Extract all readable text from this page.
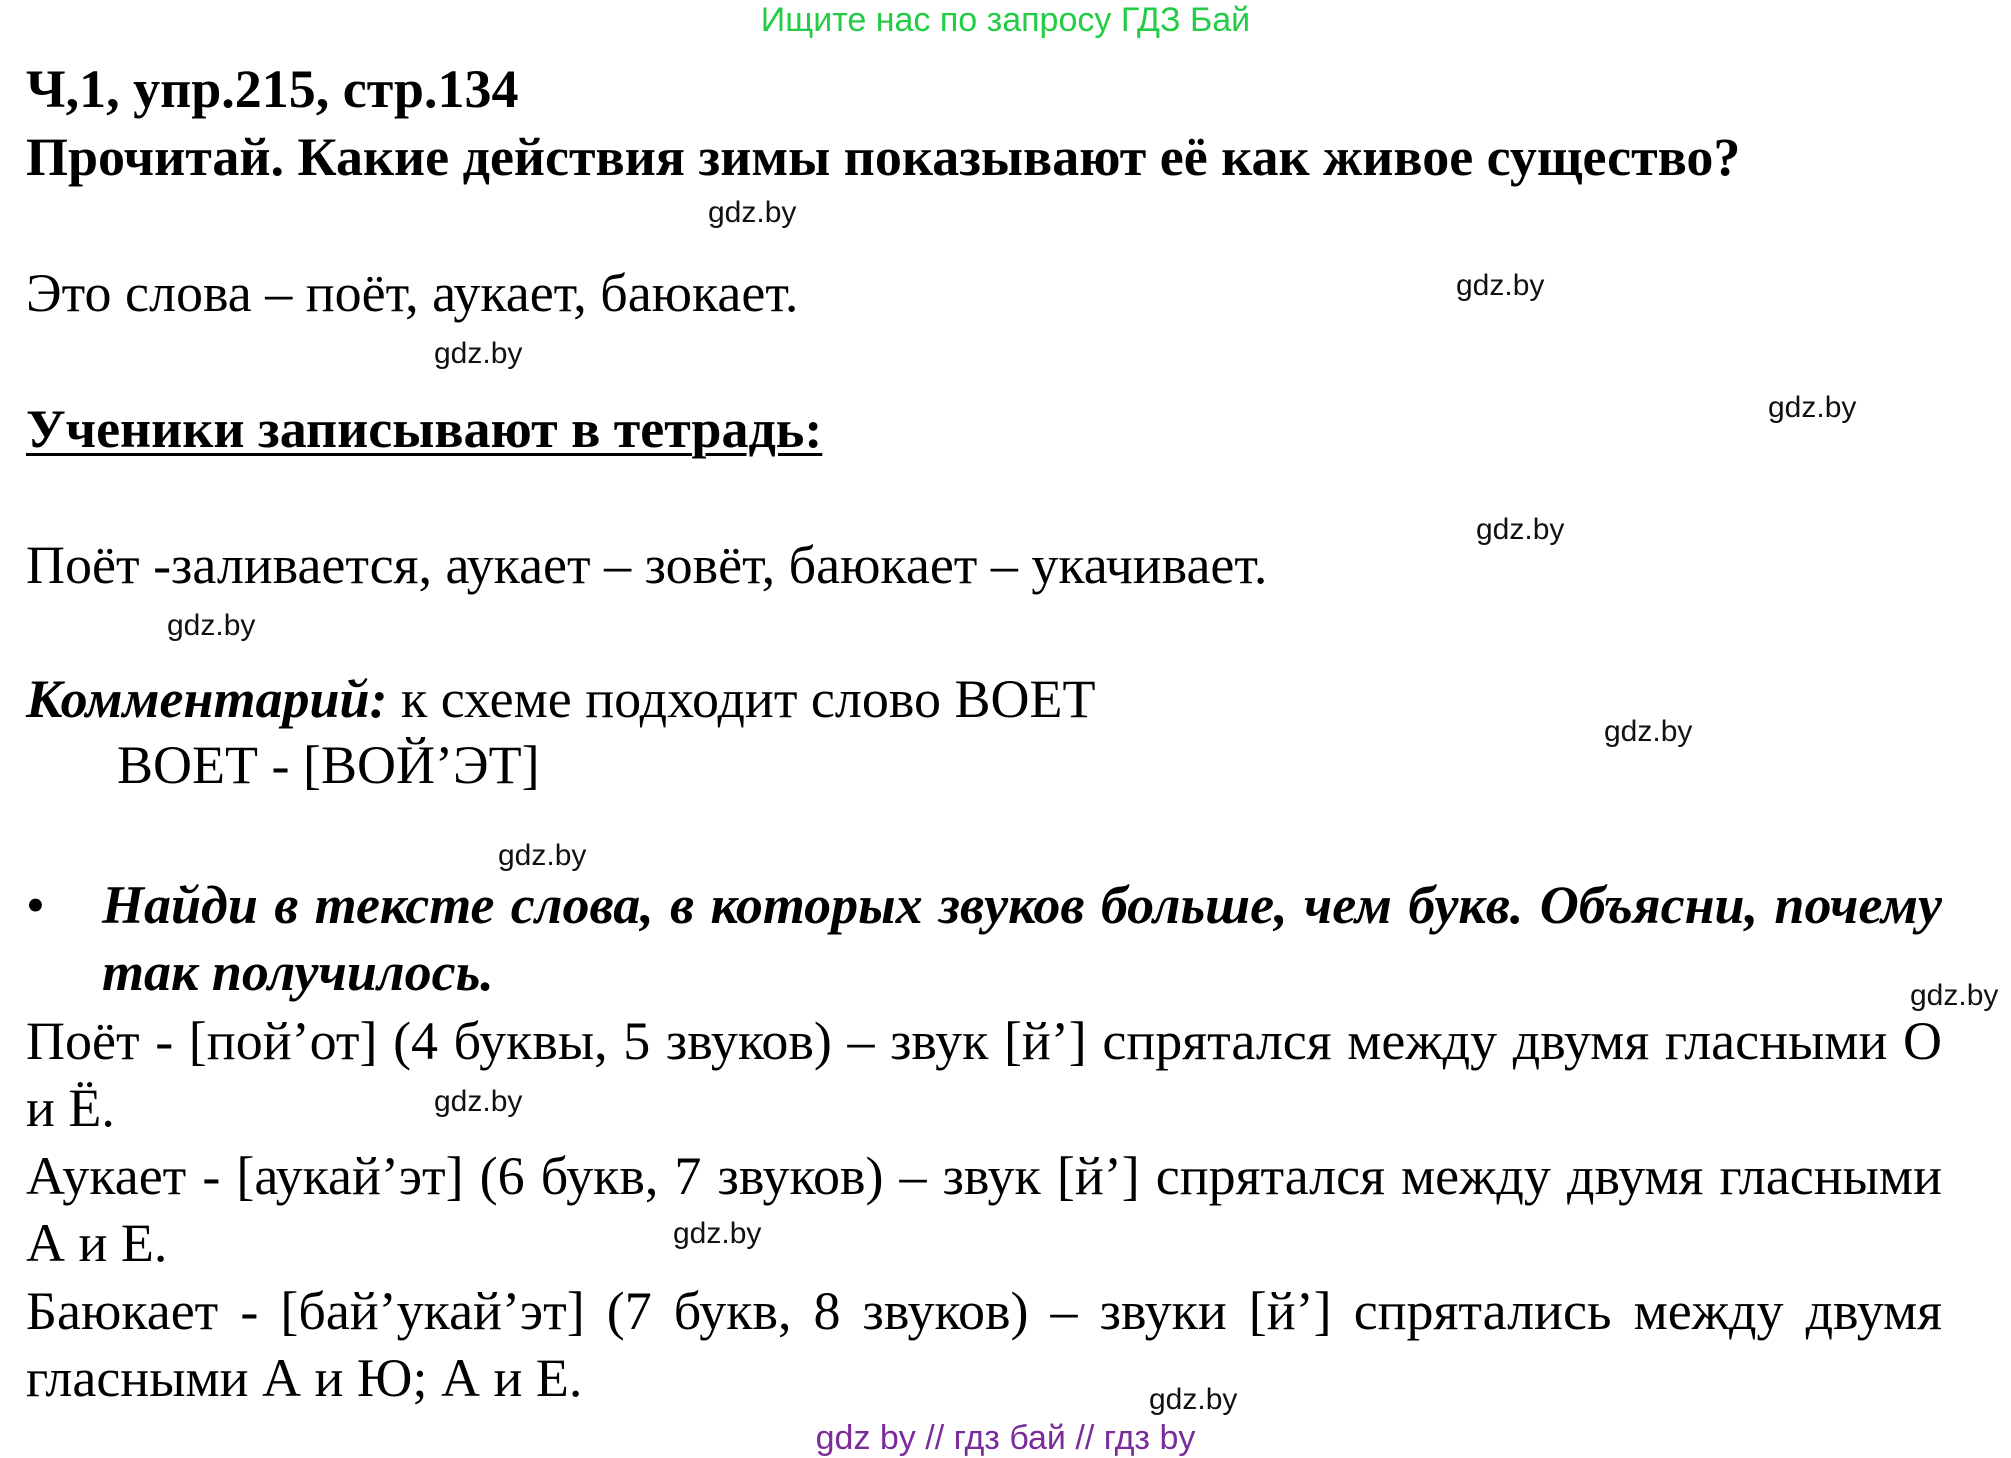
Ищите нас по запросу ГДЗ Бай
Ч,1, упр.215, стр.134
Прочитай. Какие действия зимы показывают её как живое существо?
Это слова – поёт, аукает, баюкает.
Ученики записывают в тетрадь:
Поёт -заливается, аукает – зовёт, баюкает – укачивает.
Комментарий: к схеме подходит слово ВОЕТ
ВОЕТ - [ВОЙ’ЭТ]
•	Найди в тексте слова, в которых звуков больше, чем букв. Объясни, почему так получилось.
Поёт - [пой’от] (4 буквы, 5 звуков) – звук [й’] спрятался между двумя гласными О и Ё.
Аукает - [аукай’эт] (6 букв, 7 звуков) – звук [й’] спрятался между двумя гласными А и Е.
Баюкает - [бай’укай’эт] (7 букв, 8 звуков) – звуки [й’] спрятались между двумя гласными А и Ю; А и Е.
gdz.by
gdz.by
gdz.by
gdz.by
gdz.by
gdz.by
gdz.by
gdz.by
gdz.by
gdz.by
gdz.by
gdz.by
gdz by // гдз бай // гдз by
